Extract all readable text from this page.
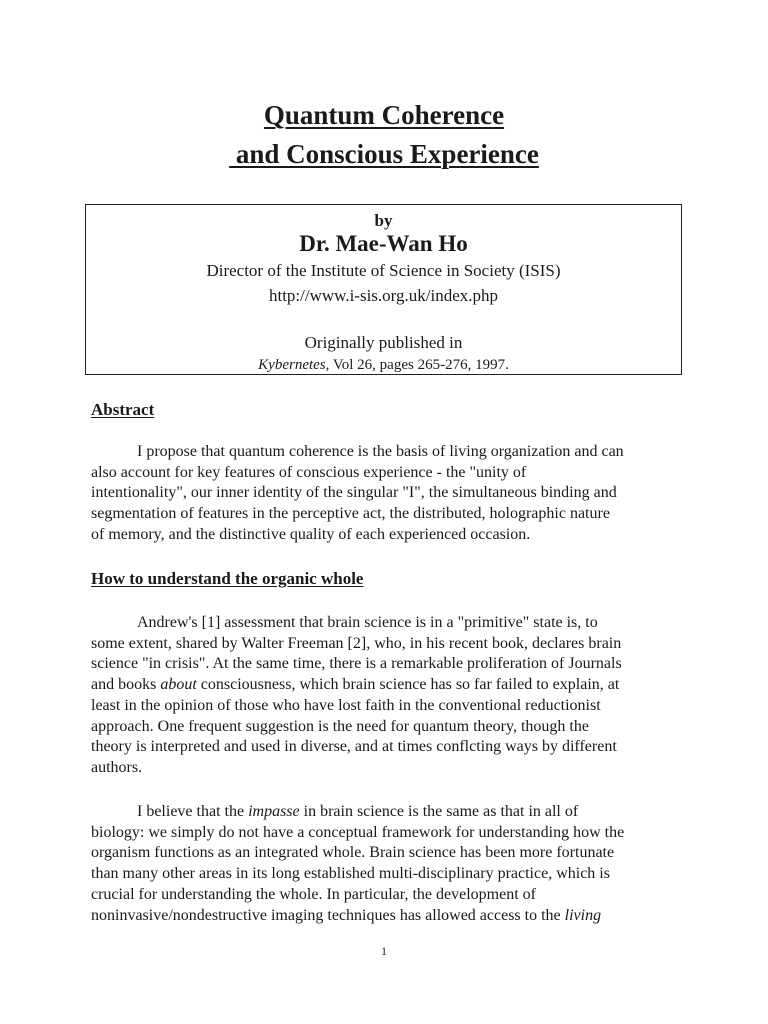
Quantum Coherence
and Conscious Experience
by
Dr. Mae-Wan Ho
Director of the Institute of Science in Society (ISIS)
http://www.i-sis.org.uk/index.php
Originally published in
Kybernetes, Vol 26, pages 265-276, 1997.
Abstract
I propose that quantum coherence is the basis of living organization and can
also account for key features of conscious experience - the "unity of
intentionality", our inner identity of the singular "I", the simultaneous binding and
segmentation of features in the perceptive act, the distributed, holographic nature
of memory, and the distinctive quality of each experienced occasion.
How to understand the organic whole
Andrew's [1] assessment that brain science is in a "primitive" state is, to
some extent, shared by Walter Freeman [2], who, in his recent book, declares brain
science "in crisis". At the same time, there is a remarkable proliferation of Journals
and books about consciousness, which brain science has so far failed to explain, at
least in the opinion of those who have lost faith in the conventional reductionist
approach. One frequent suggestion is the need for quantum theory, though the
theory is interpreted and used in diverse, and at times conflcting ways by different
authors.
I believe that the impasse in brain science is the same as that in all of
biology: we simply do not have a conceptual framework for understanding how the
organism functions as an integrated whole. Brain science has been more fortunate
than many other areas in its long established multi-disciplinary practice, which is
crucial for understanding the whole. In particular, the development of
noninvasive/nondestructive imaging techniques has allowed access to the living
1
